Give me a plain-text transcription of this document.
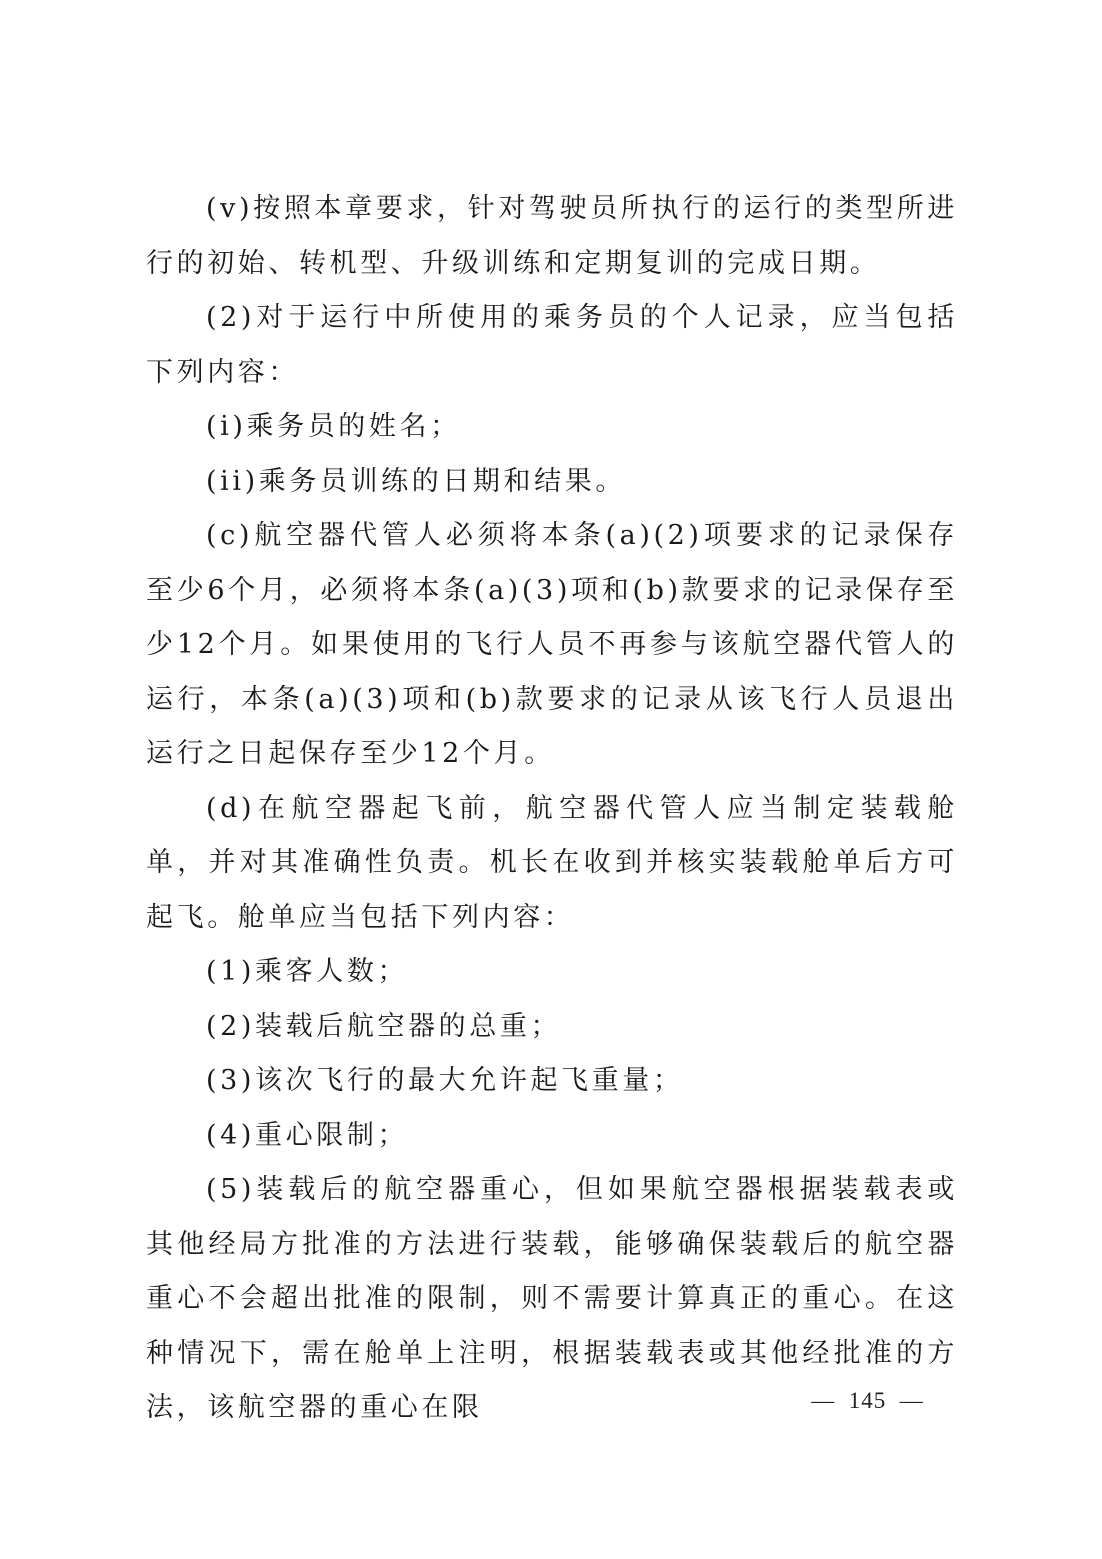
(v)按照本章要求，针对驾驶员所执行的运行的类型所进行的初始、转机型、升级训练和定期复训的完成日期。

(2)对于运行中所使用的乘务员的个人记录，应当包括下列内容：

(i)乘务员的姓名；

(ii)乘务员训练的日期和结果。

(c)航空器代管人必须将本条(a)(2)项要求的记录保存至少6个月，必须将本条(a)(3)项和(b)款要求的记录保存至少12个月。如果使用的飞行人员不再参与该航空器代管人的运行，本条(a)(3)项和(b)款要求的记录从该飞行人员退出运行之日起保存至少12个月。

(d)在航空器起飞前，航空器代管人应当制定装载舱单，并对其准确性负责。机长在收到并核实装载舱单后方可起飞。舱单应当包括下列内容：

(1)乘客人数；

(2)装载后航空器的总重；

(3)该次飞行的最大允许起飞重量；

(4)重心限制；

(5)装载后的航空器重心，但如果航空器根据装载表或其他经局方批准的方法进行装载，能够确保装载后的航空器重心不会超出批准的限制，则不需要计算真正的重心。在这种情况下，需在舱单上注明，根据装载表或其他经批准的方法，该航空器的重心在限	—  145  —
